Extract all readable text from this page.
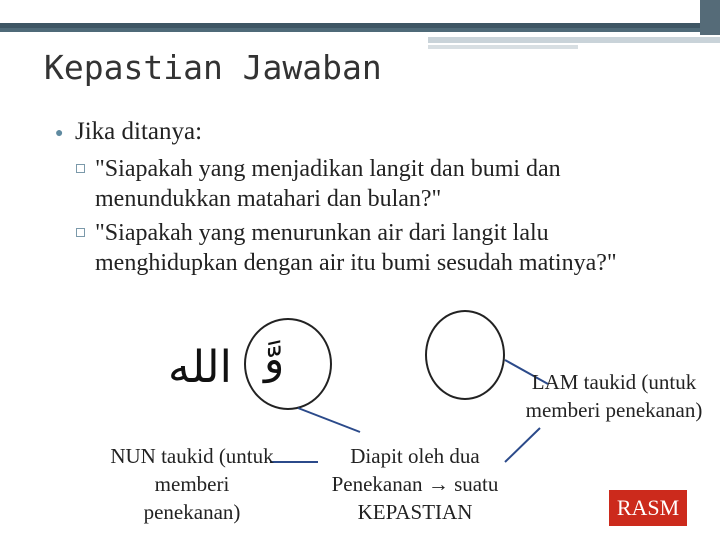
Kepastian Jawaban
● Jika ditanya:
"Siapakah yang menjadikan langit dan bumi dan menundukkan matahari dan bulan?"
"Siapakah yang menurunkan air dari langit lalu menghidupkan dengan air itu bumi sesudah matinya?"
الله وَّ
NUN taukid (untuk memberi penekanan)
Diapit oleh dua
Penekanan → suatu
KEPASTIAN
LAM taukid (untuk memberi penekanan)
RASM
